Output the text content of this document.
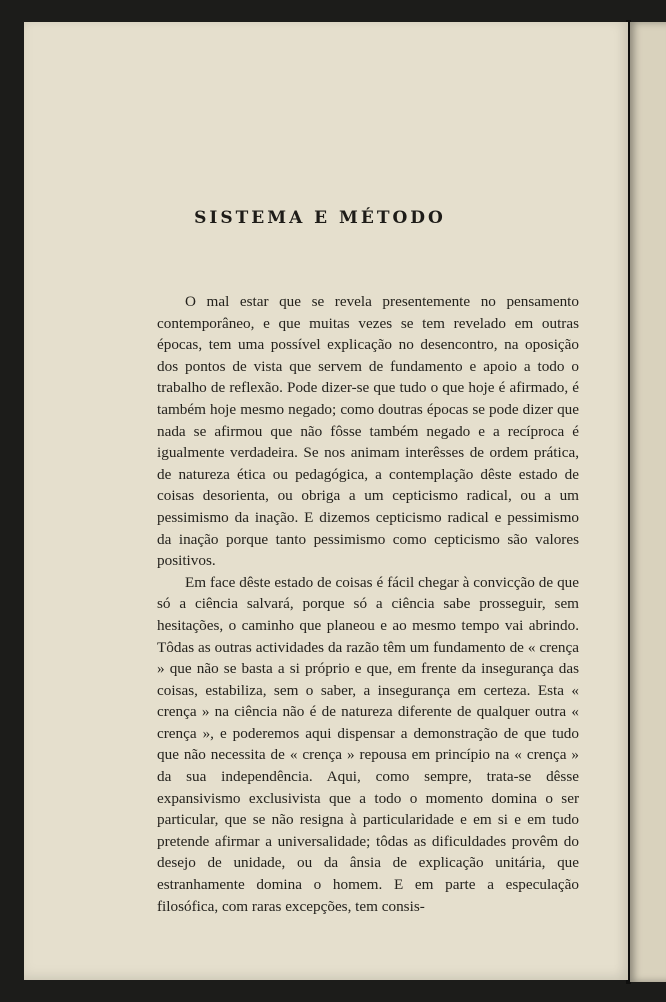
SISTEMA E MÉTODO

O mal estar que se revela presentemente no pensamento contemporâneo, e que muitas vezes se tem revelado em outras épocas, tem uma possível explicação no desencontro, na oposição dos pontos de vista que servem de fundamento e apoio a todo o trabalho de reflexão. Pode dizer-se que tudo o que hoje é afirmado, é também hoje mesmo negado; como doutras épocas se pode dizer que nada se afirmou que não fôsse também negado e a recíproca é igualmente verdadeira. Se nos animam interêsses de ordem prática, de natureza ética ou pedagógica, a contemplação dêste estado de coisas desorienta, ou obriga a um cepticismo radical, ou a um pessimismo da inação. E dizemos cepticismo radical e pessimismo da inação porque tanto pessimismo como cepticismo são valores positivos.

Em face dêste estado de coisas é fácil chegar à convicção de que só a ciência salvará, porque só a ciência sabe prosseguir, sem hesitações, o caminho que planeou e ao mesmo tempo vai abrindo. Tôdas as outras actividades da razão têm um fundamento de « crença » que não se basta a si próprio e que, em frente da insegurança das coisas, estabiliza, sem o saber, a insegurança em certeza. Esta « crença » na ciência não é de natureza diferente de qualquer outra « crença », e poderemos aqui dispensar a demonstração de que tudo que não necessita de « crença » repousa em princípio na « crença » da sua independência. Aqui, como sempre, trata-se dêsse expansivismo exclusivista que a todo o momento domina o ser particular, que se não resigna à particularidade e em si e em tudo pretende afirmar a universalidade; tôdas as dificuldades provêm do desejo de unidade, ou da ânsia de explicação unitária, que estranhamente domina o homem. E em parte a especulação filosófica, com raras excepções, tem consis-
